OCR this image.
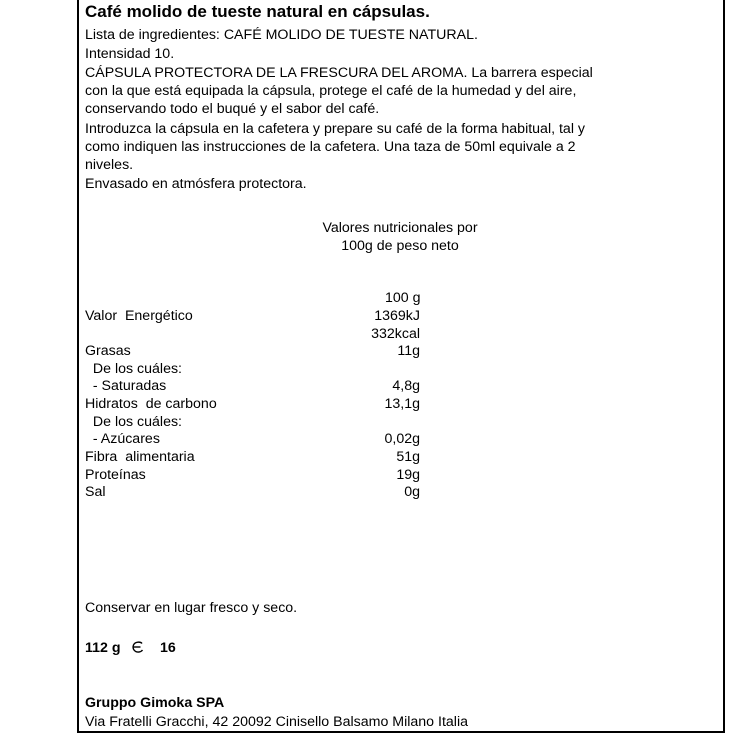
Café molido de tueste natural en cápsulas.
Lista de ingredientes: CAFÉ MOLIDO DE TUESTE NATURAL.
Intensidad 10.
CÁPSULA PROTECTORA DE LA FRESCURA DEL AROMA. La barrera especial
con la que está equipada la cápsula, protege el café de la humedad y del aire,
conservando todo el buqué y el sabor del café.
Introduzca la cápsula en la cafetera y prepare su café de la forma habitual, tal y
como indiquen las instrucciones de la cafetera. Una taza de 50ml equivale a 2
niveles.
Envasado en atmósfera protectora.
Valores nutricionales por
100g de peso neto
100 g
Valor  Energético	1369kJ
332kcal
Grasas	11g
De los cuáles:
- Saturadas	4,8g
Hidratos  de carbono	13,1g
De los cuáles:
- Azúcares	0,02g
Fibra  alimentaria	51g
Proteínas	19g
Sal	0g
Conservar en lugar fresco y seco.
112 g	16
Gruppo Gimoka SPA
Via Fratelli Gracchi, 42 20092 Cinisello Balsamo Milano Italia
